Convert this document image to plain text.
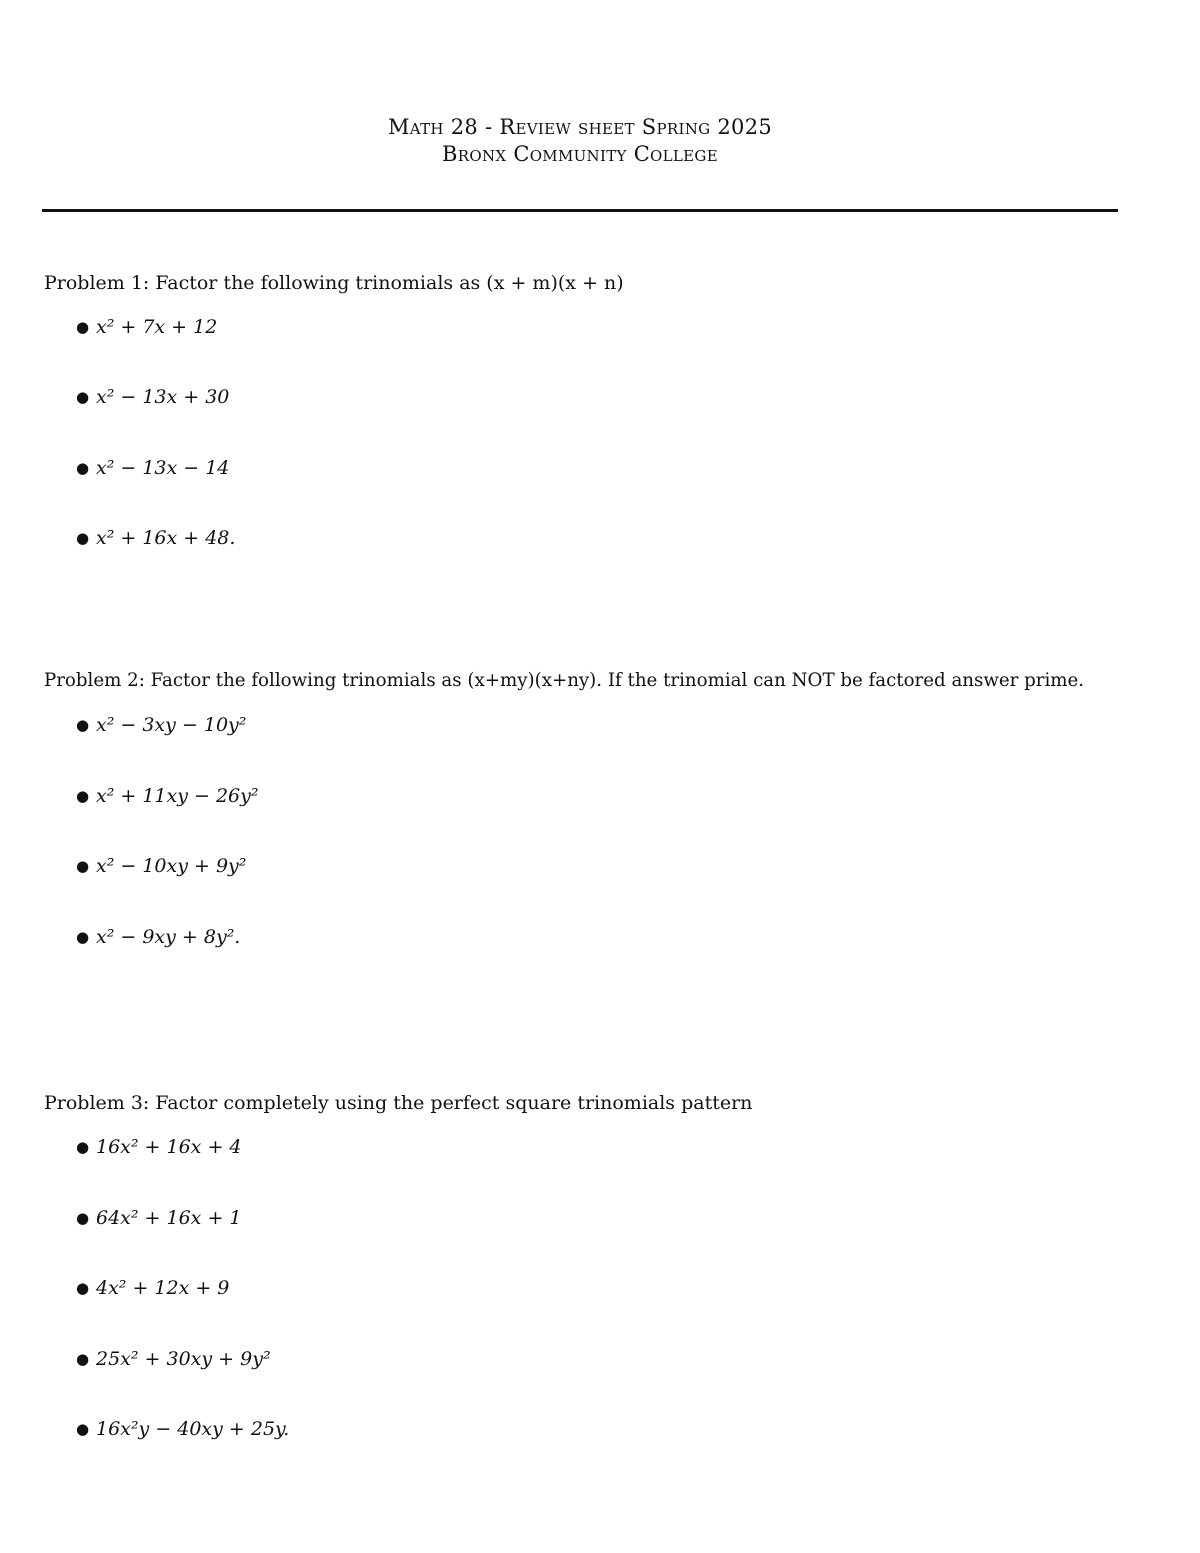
Math 28 - Review sheet Spring 2025
Bronx Community College
Problem 1: Factor the following trinomials as (x + m)(x + n)
● x² + 7x + 12
● x² − 13x + 30
● x² − 13x − 14
● x² + 16x + 48.
Problem 2: Factor the following trinomials as (x+my)(x+ny). If the trinomial can NOT be factored answer prime.
● x² − 3xy − 10y²
● x² + 11xy − 26y²
● x² − 10xy + 9y²
● x² − 9xy + 8y².
Problem 3: Factor completely using the perfect square trinomials pattern
● 16x² + 16x + 4
● 64x² + 16x + 1
● 4x² + 12x + 9
● 25x² + 30xy + 9y²
● 16x²y − 40xy + 25y.
